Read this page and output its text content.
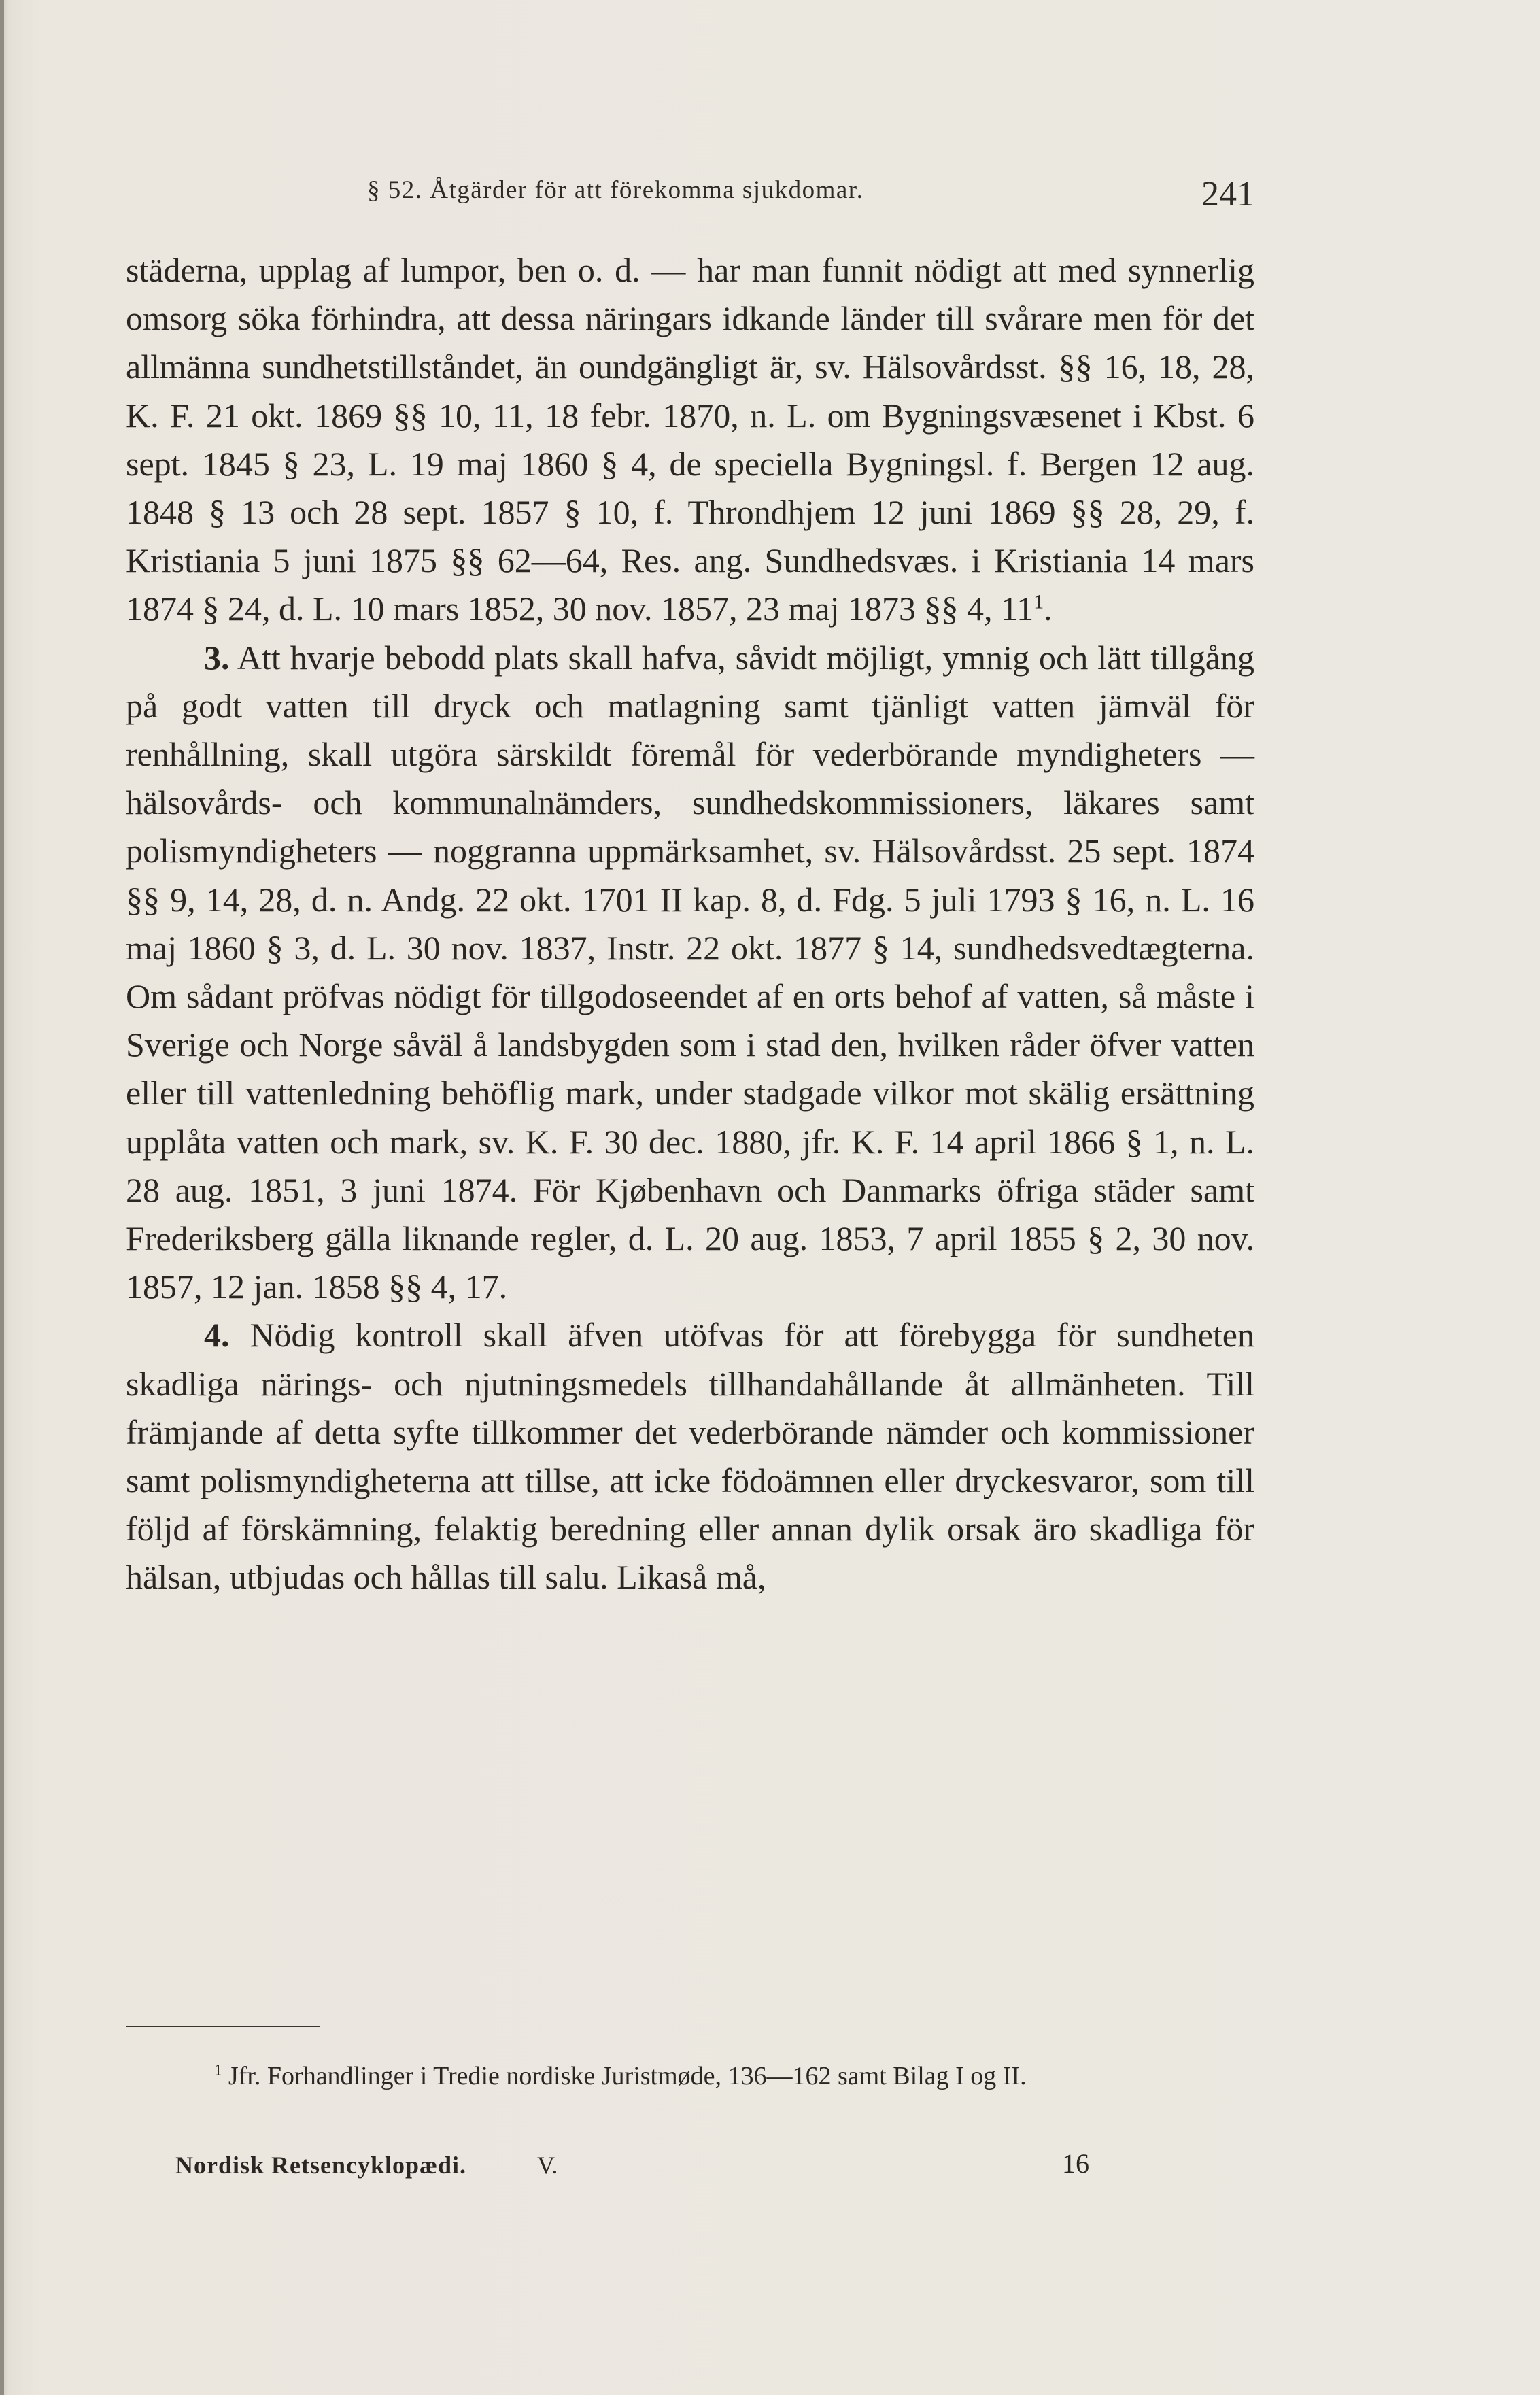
§ 52. Åtgärder för att förekomma sjukdomar.	241

städerna, upplag af lumpor, ben o. d. — har man funnit nödigt att med synnerlig omsorg söka förhindra, att dessa näringars idkande länder till svårare men för det allmänna sundhetstillståndet, än oundgängligt är, sv. Hälsovårdsst. §§ 16, 18, 28, K. F. 21 okt. 1869 §§ 10, 11, 18 febr. 1870, n. L. om Bygningsvæsenet i Kbst. 6 sept. 1845 § 23, L. 19 maj 1860 § 4, de speciella Bygningsl. f. Bergen 12 aug. 1848 § 13 och 28 sept. 1857 § 10, f. Throndhjem 12 juni 1869 §§ 28, 29, f. Kristiania 5 juni 1875 §§ 62—64, Res. ang. Sundhedsvæs. i Kristiania 14 mars 1874 § 24, d. L. 10 mars 1852, 30 nov. 1857, 23 maj 1873 §§ 4, $11^1$.

3. Att hvarje bebodd plats skall hafva, såvidt möjligt, ymnig och lätt tillgång på godt vatten till dryck och matlagning samt tjänligt vatten jämväl för renhållning, skall utgöra särskildt föremål för vederbörande myndigheters — hälsovårds- och kommunalnämders, sundhedskommissioners, läkares samt polismyndigheters — noggranna uppmärksamhet, sv. Hälsovårdsst. 25 sept. 1874 §§ 9, 14, 28, d. n. Andg. 22 okt. 1701 II kap. 8, d. Fdg. 5 juli 1793 § 16, n. L. 16 maj 1860 § 3, d. L. 30 nov. 1837, Instr. 22 okt. 1877 § 14, sundhedsvedtægterna. Om sådant pröfvas nödigt för tillgodoseendet af en orts behof af vatten, så måste i Sverige och Norge såväl å landsbygden som i stad den, hvilken råder öfver vatten eller till vattenledning behöflig mark, under stadgade vilkor mot skälig ersättning upplåta vatten och mark, sv. K. F. 30 dec. 1880, jfr. K. F. 14 april 1866 § 1, n. L. 28 aug. 1851, 3 juni 1874. För Kjøbenhavn och Danmarks öfriga städer samt Frederiksberg gälla liknande regler, d. L. 20 aug. 1853, 7 april 1855 § 2, 30 nov. 1857, 12 jan. 1858 §§ 4, 17.

4. Nödig kontroll skall äfven utöfvas för att förebygga för sundheten skadliga närings- och njutningsmedels tillhandahållande åt allmänheten. Till främjande af detta syfte tillkommer det vederbörande nämder och kommissioner samt polismyndigheterna att tillse, att icke födoämnen eller dryckesvaror, som till följd af förskämning, felaktig beredning eller annan dylik orsak äro skadliga för hälsan, utbjudas och hållas till salu. Likaså må,

$^1$ Jfr. Forhandlinger i Tredie nordiske Juristmøde, 136—162 samt Bilag I og II.

Nordisk Retsencyklopædi.	V.	16
